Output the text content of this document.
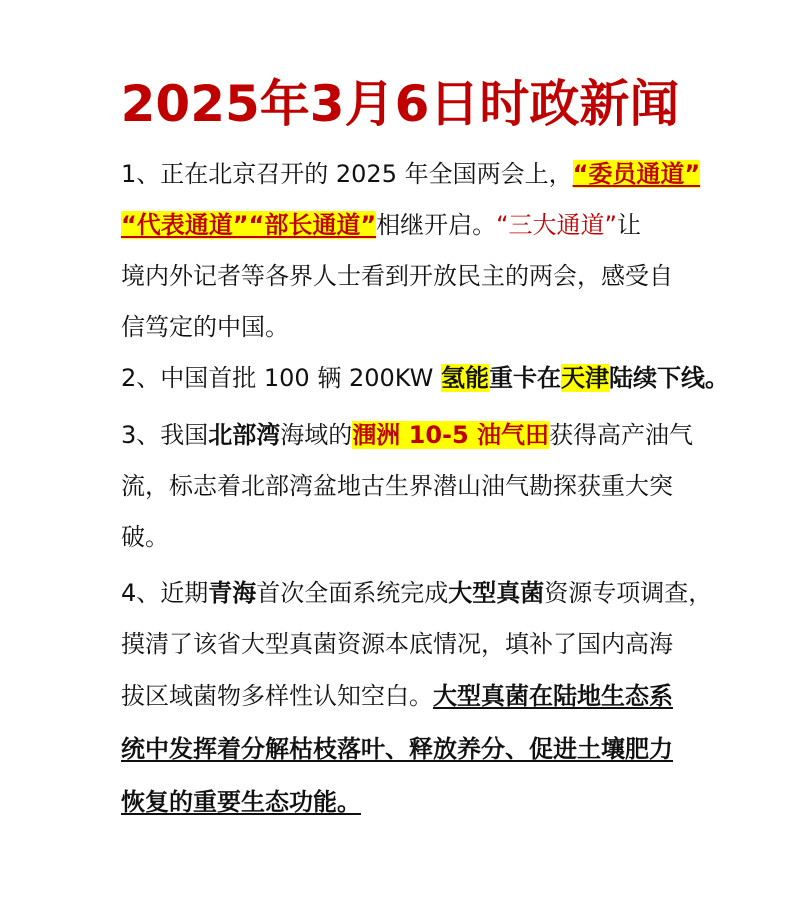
2025年3月6日时政新闻
1、正在北京召开的 2025 年全国两会上，“委员通道”
“代表通道”“部长通道”相继开启。“三大通道”让
境内外记者等各界人士看到开放民主的两会，感受自
信笃定的中国。
2、中国首批 100 辆 200KW 氢能重卡在天津陆续下线。
3、我国北部湾海域的涠洲 10-5 油气田获得高产油气
流，标志着北部湾盆地古生界潜山油气勘探获重大突
破。
4、近期青海首次全面系统完成大型真菌资源专项调查，
摸清了该省大型真菌资源本底情况，填补了国内高海
拔区域菌物多样性认知空白。大型真菌在陆地生态系
统中发挥着分解枯枝落叶、释放养分、促进土壤肥力
恢复的重要生态功能。
